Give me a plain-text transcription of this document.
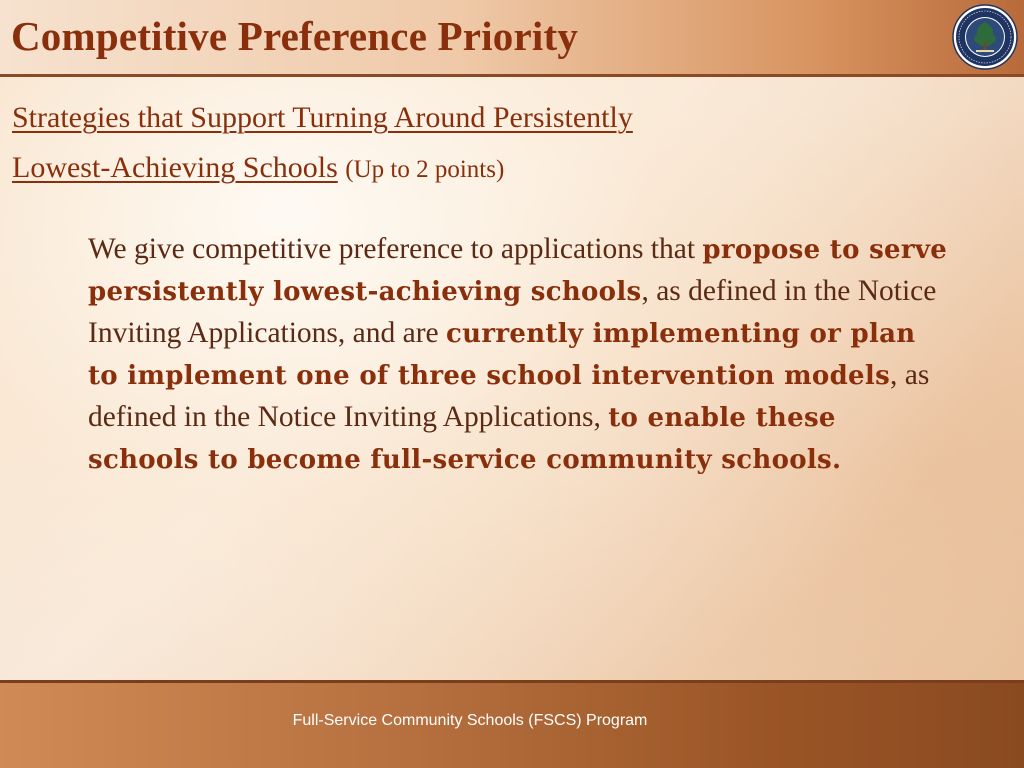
Competitive Preference Priority

Strategies that Support Turning Around Persistently
Lowest-Achieving Schools (Up to 2 points)

We give competitive preference to applications that propose to serve persistently lowest-achieving schools, as defined in the Notice Inviting Applications, and are currently implementing or plan to implement one of three school intervention models, as defined in the Notice Inviting Applications, to enable these schools to become full-service community schools.

Full-Service Community Schools (FSCS) Program
